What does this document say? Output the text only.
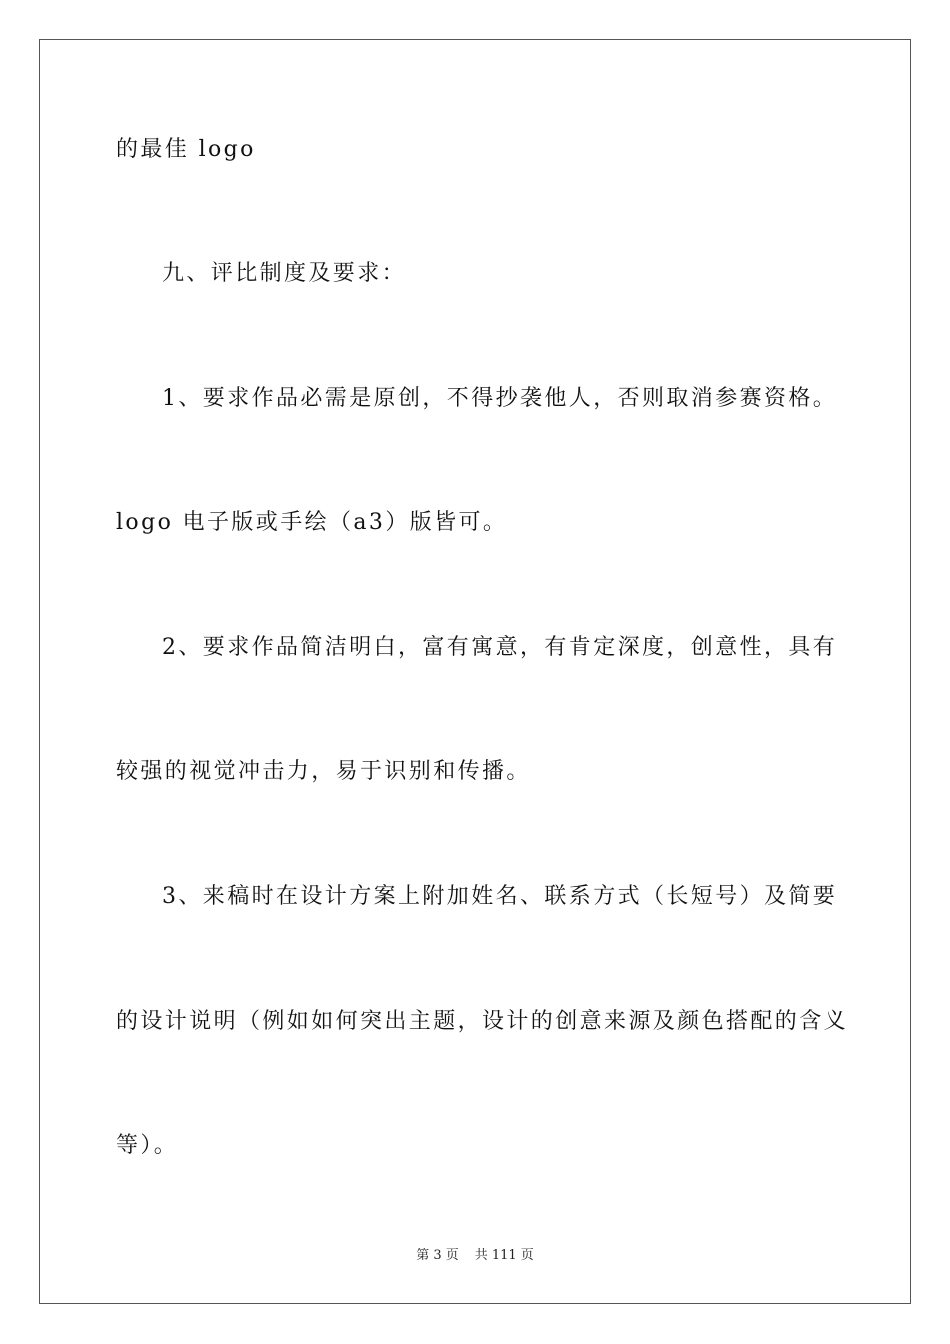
的最佳 logo
九、评比制度及要求：
1、要求作品必需是原创，不得抄袭他人，否则取消参赛资格。
logo 电子版或手绘（a3）版皆可。
2、要求作品简洁明白，富有寓意，有肯定深度，创意性，具有
较强的视觉冲击力，易于识别和传播。
3、来稿时在设计方案上附加姓名、联系方式（长短号）及简要
的设计说明（例如如何突出主题，设计的创意来源及颜色搭配的含义
等）。
第 3 页 共 111 页
